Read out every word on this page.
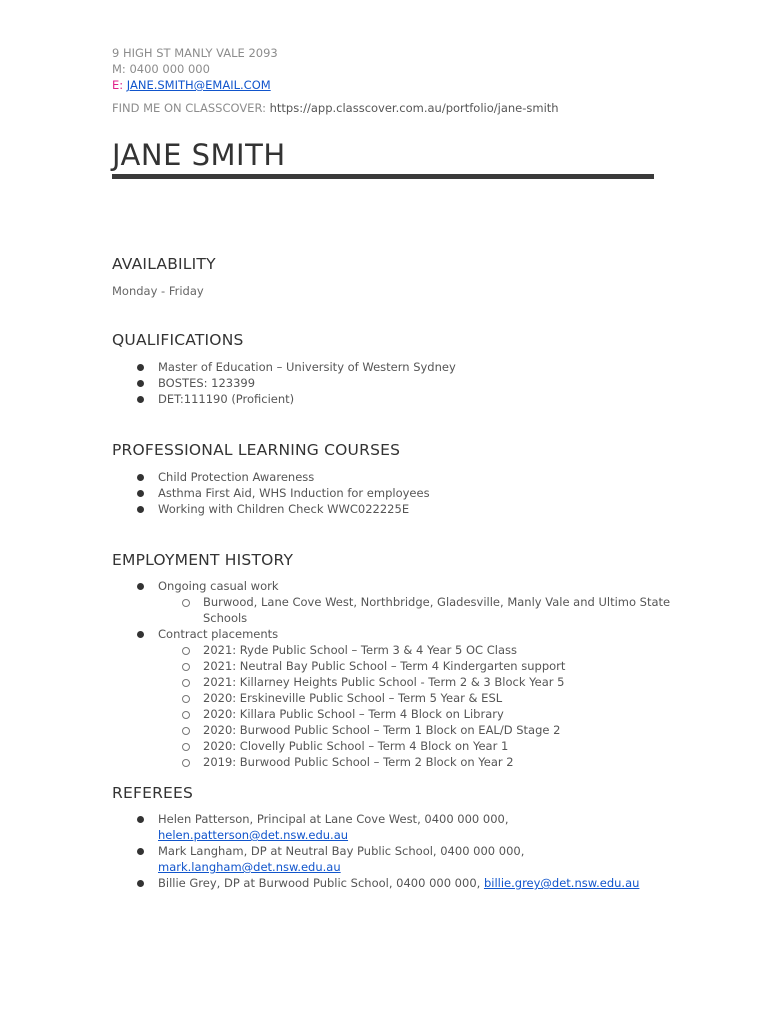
9 HIGH ST MANLY VALE 2093
M: 0400 000 000
E: JANE.SMITH@EMAIL.COM
FIND ME ON CLASSCOVER: https://app.classcover.com.au/portfolio/jane-smith
JANE SMITH
AVAILABILITY
Monday - Friday
QUALIFICATIONS
Master of Education – University of Western Sydney
BOSTES: 123399
DET:111190 (Proficient)
PROFESSIONAL LEARNING COURSES
Child Protection Awareness
Asthma First Aid, WHS Induction for employees
Working with Children Check WWC022225E
EMPLOYMENT HISTORY
Ongoing casual work
Burwood, Lane Cove West, Northbridge, Gladesville, Manly Vale and Ultimo State Schools
Contract placements
2021: Ryde Public School – Term 3 & 4 Year 5 OC Class
2021: Neutral Bay Public School – Term 4 Kindergarten support
2021: Killarney Heights Public School - Term 2 & 3 Block Year 5
2020: Erskineville Public School – Term 5 Year & ESL
2020: Killara Public School – Term 4 Block on Library
2020: Burwood Public School – Term 1 Block on EAL/D Stage 2
2020: Clovelly Public School – Term 4 Block on Year 1
2019: Burwood Public School – Term 2 Block on Year 2
REFEREES
Helen Patterson, Principal at Lane Cove West, 0400 000 000,
helen.patterson@det.nsw.edu.au
Mark Langham, DP at Neutral Bay Public School, 0400 000 000,
mark.langham@det.nsw.edu.au
Billie Grey, DP at Burwood Public School, 0400 000 000, billie.grey@det.nsw.edu.au
